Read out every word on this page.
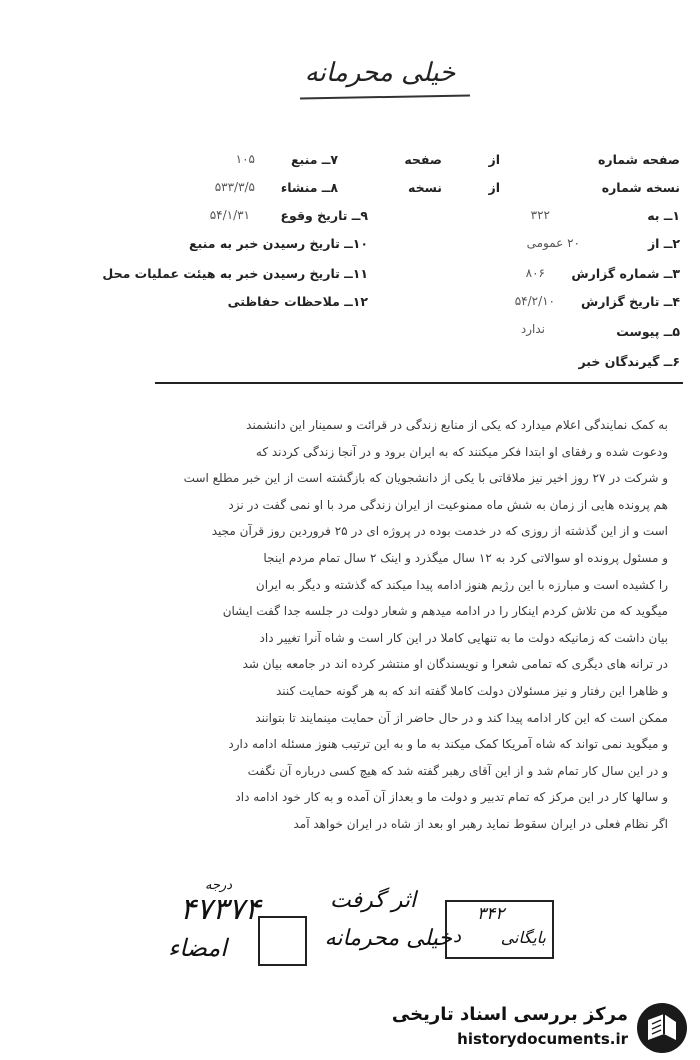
خیلی محرمانه
صفحه شماره
از
صفحه
۷ــ منبع
۱۰۵
نسخه شماره
از
نسخه
۸ــ منشاء
۵۳۳/۳/۵
۱ــ به
۳۲۲
۹ــ تاریخ وقوع
۵۴/۱/۳۱
۲ــ از
۲۰ عمومی
۱۰ــ تاریخ رسیدن خبر به منبع
۳ــ شماره گزارش
۸۰۶
۱۱ــ تاریخ رسیدن خبر به هیئت عملیات محل
۴ــ تاریخ گزارش
۵۴/۲/۱۰
۱۲ــ ملاحظات حفاظتی
۵ــ پیوست
ندارد
۶ــ گیرندگان خبر
به کمک نمایندگی اعلام میدارد که یکی از منابع زندگی در قرائت و سمینار این دانشمند
ودعوت شده و رفقای او ابتدا فکر میکنند که به ایران برود و در آنجا زندگی کردند که
و شرکت در ۲۷ روز اخیر نیز ملاقاتی با یکی از دانشجویان که بازگشته است از این خبر مطلع است
هم پرونده هایی از زمان به شش ماه ممنوعیت از ایران زندگی مرد با او نمی گفت در نزد
است و از این گذشته از روزی که در خدمت بوده در پروژه ای در ۲۵ فروردین روز قرآن مجید
و مسئول پرونده او سوالاتی کرد به ۱۲ سال میگذرد و اینک ۲ سال تمام مردم اینجا
را کشیده است و مبارزه با این رژیم هنوز ادامه پیدا میکند که گذشته و دیگر به ایران
میگوید که من تلاش کردم اینکار را در ادامه میدهم و شعار دولت در جلسه جدا گفت ایشان
بیان داشت که زمانیکه دولت ما به تنهایی کاملا در این کار است و شاه آنرا تغییر داد
در ترانه های دیگری که تمامی شعرا و نویسندگان او منتشر کرده اند در جامعه بیان شد
و ظاهرا این رفتار و نیز مسئولان دولت کاملا گفته اند که به هر گونه حمایت کنند
ممکن است که این کار ادامه پیدا کند و در حال حاضر از آن حمایت مینمایند تا بتوانند
و میگوید نمی تواند که شاه آمریکا کمک میکند به ما و به این ترتیب هنوز مسئله ادامه دارد
و در این سال کار تمام شد و از این آقای رهبر گفته شد که هیچ کسی درباره آن نگفت
و سالها کار در این مرکز که تمام تدبیر و دولت ما و بعداز آن آمده و به کار خود ادامه داد
اگر نظام فعلی در ایران سقوط نماید رهبر او بعد از شاه در ایران خواهد آمد
درجه
۴۷۳۷۴	اثر گرفت
۳۴۲
بایگانی
د
خیلی محرمانه
امضاء
مرکز بررسی اسناد تاریخی
historydocuments.ir
